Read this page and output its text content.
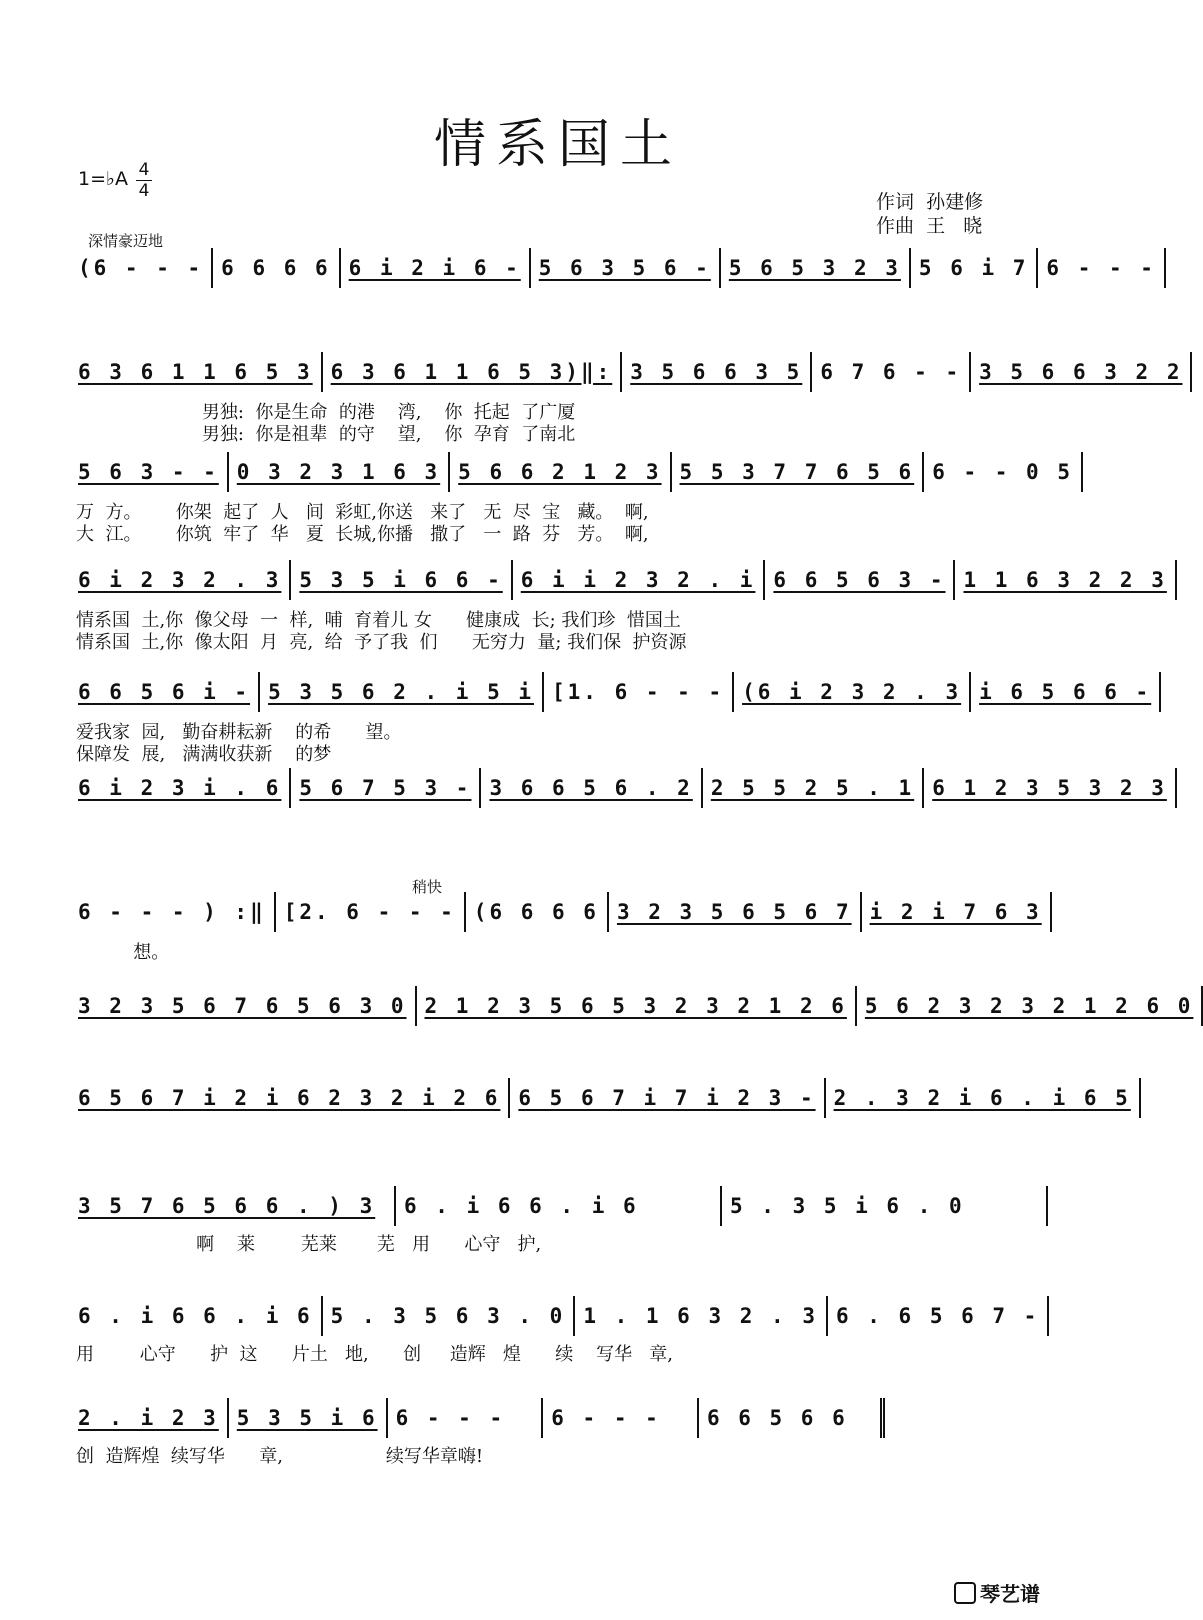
情系国土
1=♭A 4
4	作词  孙建修
作曲  王   晓
深情豪迈地
稍快
(6 - - - 6 6 6 6 6 i 2 i 6 - 5 6 3 5 6 - 5 6 5 3 2 3 5 6 i 7 6 - - -
6 3 6 1 1 6 5 3 6 3 6 1 1 6 5 3)‖: 3 5 6 6 3 5 6 7 6 - - 3 5 6 6 3 2 2
男独:  你是生命  的港    湾,    你  托起  了广厦
男独:  你是祖辈  的守    望,    你  孕育  了南北
5 6 3 - - 0 3 2 3 1 6 3 5 6 6 2 1 2 3 5 5 3 7 7 6 5 6 6 - - 0 5
万  方。      你架  起了  人   间  彩虹,你送   来了   无  尽  宝   藏。  啊,
大  江。      你筑  牢了  华   夏  长城,你播   撒了   一  路  芬   芳。  啊,
6 i 2 3 2 . 3 5 3 5 i 6 6 - 6 i i 2 3 2 . i 6 6 5 6 3 - 1 1 6 3 2 2 3
情系国  土,你  像父母  一  样,  哺  育着儿 女      健康成  长; 我们珍  惜国土
情系国  土,你  像太阳  月  亮,  给  予了我  们      无穷力  量; 我们保  护资源
6 6 5 6 i - 5 3 5 6 2 . i 5 i [1. 6 - - - (6 i 2 3 2 . 3 i 6 5 6 6 -
爱我家  园,   勤奋耕耘新    的希      望。
保障发  展,   满满收获新    的梦
6 i 2 3 i . 6 5 6 7 5 3 - 3 6 6 5 6 . 2 2 5 5 2 5 . 1 6 1 2 3 5 3 2 3
6 - - - ) :‖ [2. 6 - - - (6 6 6 6 3 2 3 5 6 5 6 7 i 2 i 7 6 3
想。
3 2 3 5 6 7 6 5 6 3 0 2 1 2 3 5 6 5 3 2 3 2 1 2 6 5 6 2 3 2 3 2 1 2 6 0
6 5 6 7 i 2 i 6 2 3 2 i 2 6 6 5 6 7 i 7 i 2 3 - 2 . 3 2 i 6 . i 6 5
3 5 7 6 5 6 6 . ) 3	6 . i 6 6 . i 6	5 . 3 5 i 6 . 0
啊    莱        芜莱       芜   用      心守   护,
6 . i 6 6 . i 6 5 . 3 5 6 3 . 0 1 . 1 6 3 2 . 3 6 . 6 5 6 7 -
用        心守      护  这      片土   地,      创     造辉   煌      续    写华   章,
2 . i 2 3 5 3 5 i 6 6 - - -	6 - - -	6 6 5 6 6
创  造辉煌  续写华      章,                  续写华章嗨!
琴艺谱
